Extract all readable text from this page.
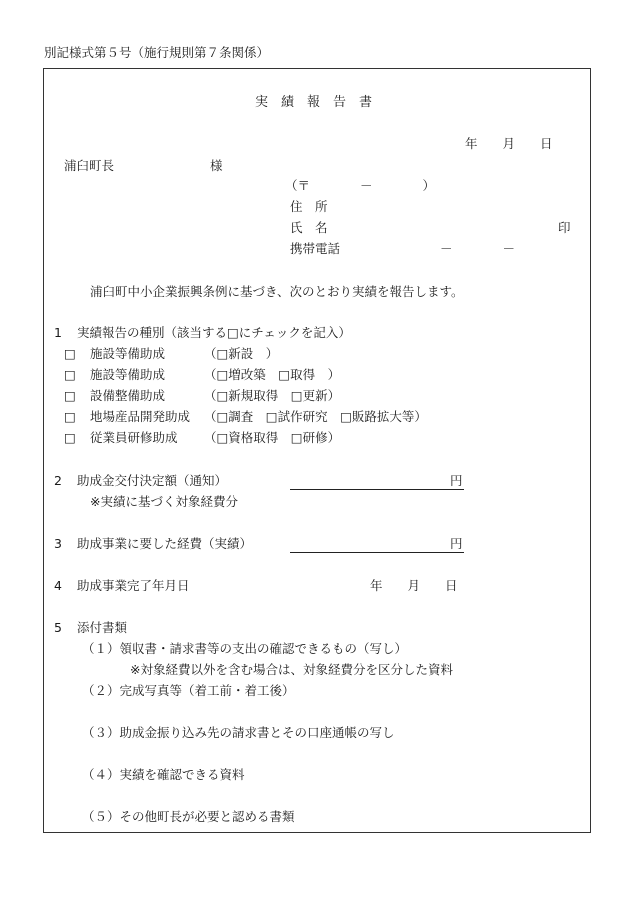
別記様式第５号（施行規則第７条関係）
実　績　報　告　書
年　　月　　日
浦臼町長	様
（〒　　　　－　　　　）
住　所
氏　名	印
携帯電話	－　　　　－
浦臼町中小企業振興条例に基づき、次のとおり実績を報告します。
1 実績報告の種別（該当する□にチェックを記入）
□ 施設等備助成	（□新設　）
□ 施設等備助成	（□増改築　□取得　）
□ 設備整備助成	（□新規取得　□更新）
□ 地場産品開発助成 （□調査　□試作研究　□販路拡大等）
□ 従業員研修助成 （□資格取得　□研修）
2 助成金交付決定額（通知）	円
※実績に基づく対象経費分
3 助成事業に要した経費（実績）	円
4 助成事業完了年月日	年　　月　　日
5 添付書類
（１）領収書・請求書等の支出の確認できるもの（写し）
※対象経費以外を含む場合は、対象経費分を区分した資料
（２）完成写真等（着工前・着工後）
（３）助成金振り込み先の請求書とその口座通帳の写し
（４）実績を確認できる資料
（５）その他町長が必要と認める書類
